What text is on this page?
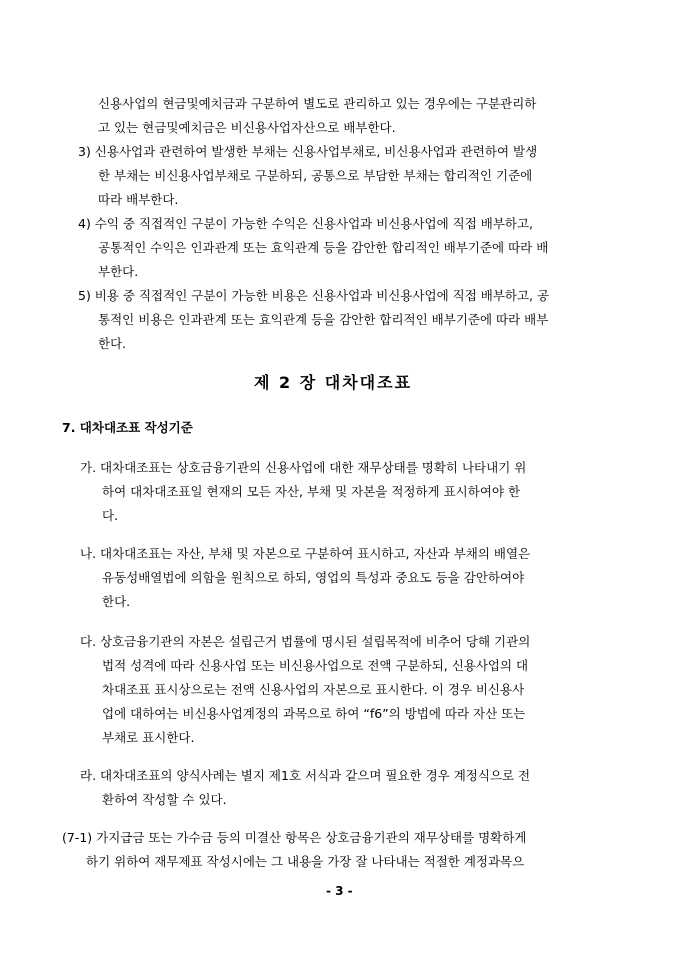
신용사업의 현금및예치금과 구분하여 별도로 관리하고 있는 경우에는 구분관리하
고 있는 현금및예치금은 비신용사업자산으로 배부한다.
3) 신용사업과 관련하여 발생한 부채는 신용사업부채로, 비신용사업과 관련하여 발생
한 부채는 비신용사업부채로 구분하되, 공통으로 부담한 부채는 합리적인 기준에
따라 배부한다.
4) 수익 중 직접적인 구분이 가능한 수익은 신용사업과 비신용사업에 직접 배부하고,
공통적인 수익은 인과관계 또는 효익관계 등을 감안한 합리적인 배부기준에 따라 배
부한다.
5) 비용 중 직접적인 구분이 가능한 비용은 신용사업과 비신용사업에 직접 배부하고, 공
통적인 비용은 인과관계 또는 효익관계 등을 감안한 합리적인 배부기준에 따라 배부
한다.
제 2 장 대차대조표
7. 대차대조표 작성기준
가. 대차대조표는 상호금융기관의 신용사업에 대한 재무상태를 명확히 나타내기 위
하여 대차대조표일 현재의 모든 자산, 부채 및 자본을 적정하게 표시하여야 한
다.
나. 대차대조표는 자산, 부채 및 자본으로 구분하여 표시하고, 자산과 부채의 배열은
유동성배열법에 의함을 원칙으로 하되, 영업의 특성과 중요도 등을 감안하여야
한다.
다. 상호금융기관의 자본은 설립근거 법률에 명시된 설립목적에 비추어 당해 기관의
법적 성격에 따라 신용사업 또는 비신용사업으로 전액 구분하되, 신용사업의 대
차대조표 표시상으로는 전액 신용사업의 자본으로 표시한다. 이 경우 비신용사
업에 대하여는 비신용사업계정의 과목으로 하여 “f6”의 방법에 따라 자산 또는
부채로 표시한다.
라. 대차대조표의 양식사례는 별지 제1호 서식과 같으며 필요한 경우 계정식으로 전
환하여 작성할 수 있다.
(7-1) 가지급금 또는 가수금 등의 미결산 항목은 상호금융기관의 재무상태를 명확하게
하기 위하여 재무제표 작성시에는 그 내용을 가장 잘 나타내는 적절한 계정과목으
- 3 -
